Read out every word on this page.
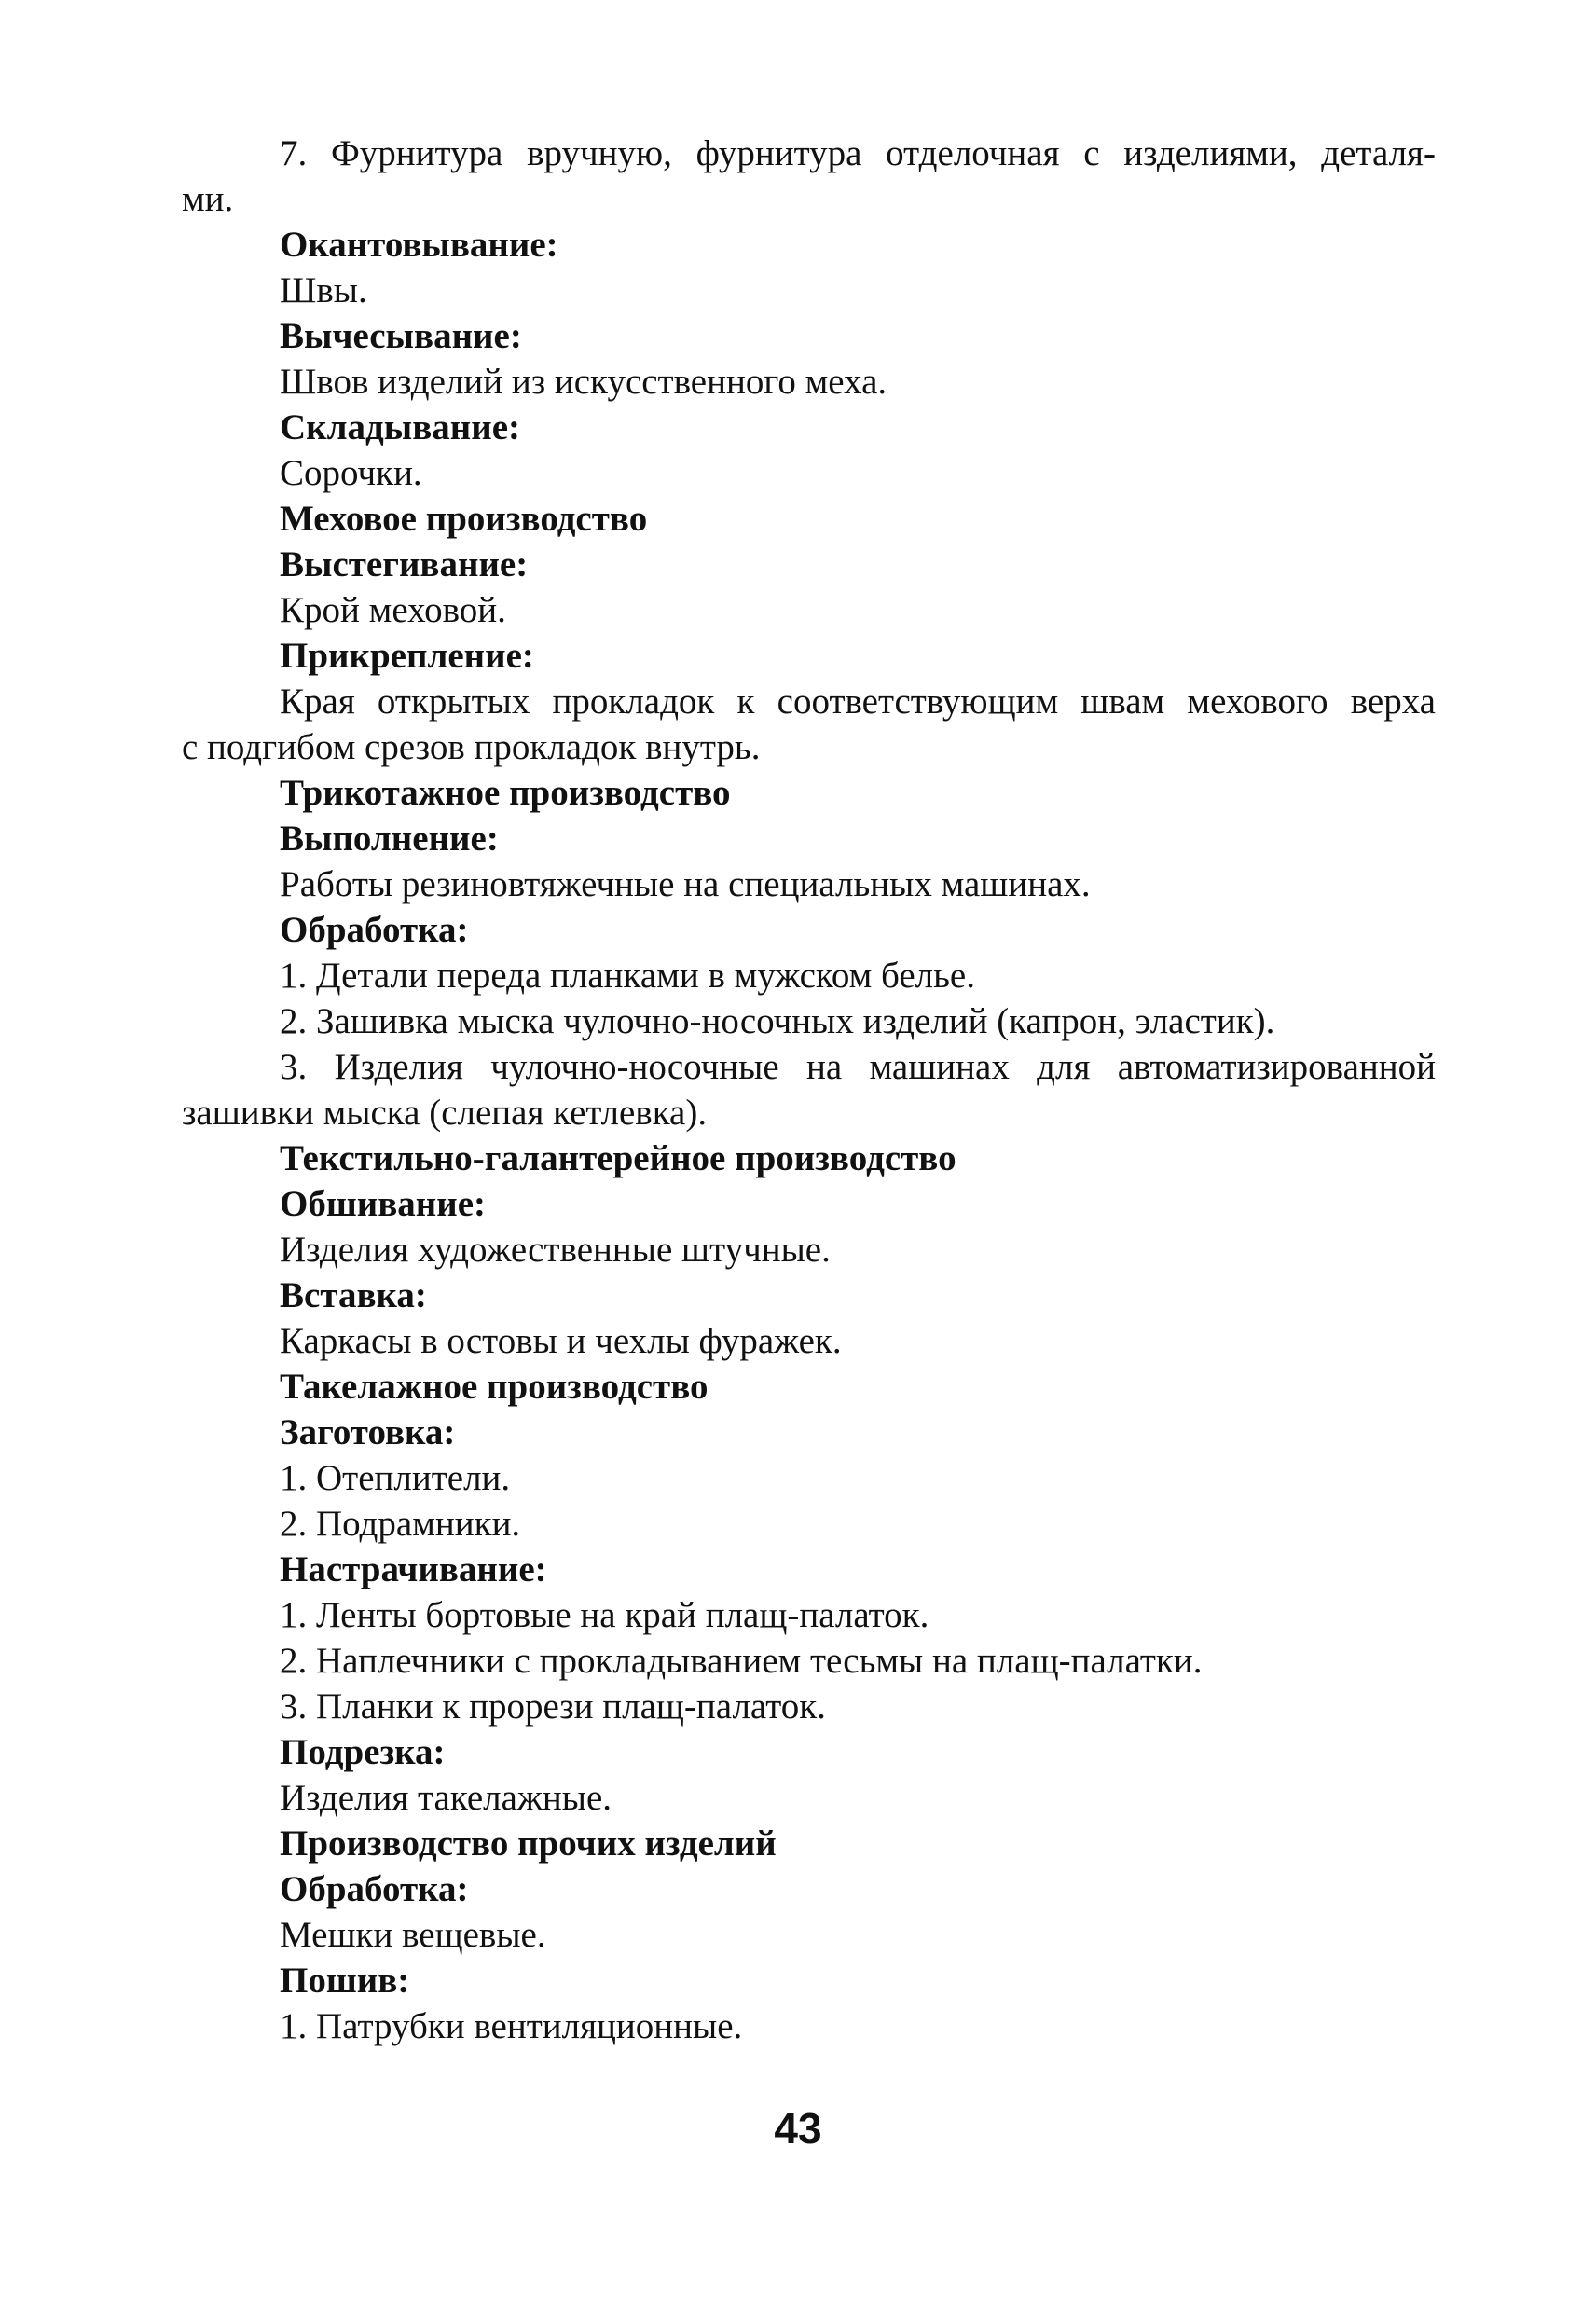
7. Фурнитура вручную, фурнитура отделочная с изделиями, деталя-
ми.
Окантовывание:
Швы.
Вычесывание:
Швов изделий из искусственного меха.
Складывание:
Сорочки.
Меховое производство
Выстегивание:
Крой меховой.
Прикрепление:
Края открытых прокладок к соответствующим швам мехового верха
с подгибом срезов прокладок внутрь.
Трикотажное производство
Выполнение:
Работы резиновтяжечные на специальных машинах.
Обработка:
1. Детали переда планками в мужском белье.
2. Зашивка мыска чулочно-носочных изделий (капрон, эластик).
3. Изделия чулочно-носочные на машинах для автоматизированной
зашивки мыска (слепая кетлевка).
Текстильно-галантерейное производство
Обшивание:
Изделия художественные штучные.
Вставка:
Каркасы в остовы и чехлы фуражек.
Такелажное производство
Заготовка:
1. Отеплители.
2. Подрамники.
Настрачивание:
1. Ленты бортовые на край плащ-палаток.
2. Наплечники с прокладыванием тесьмы на плащ-палатки.
3. Планки к прорези плащ-палаток.
Подрезка:
Изделия такелажные.
Производство прочих изделий
Обработка:
Мешки вещевые.
Пошив:
1. Патрубки вентиляционные.
43
